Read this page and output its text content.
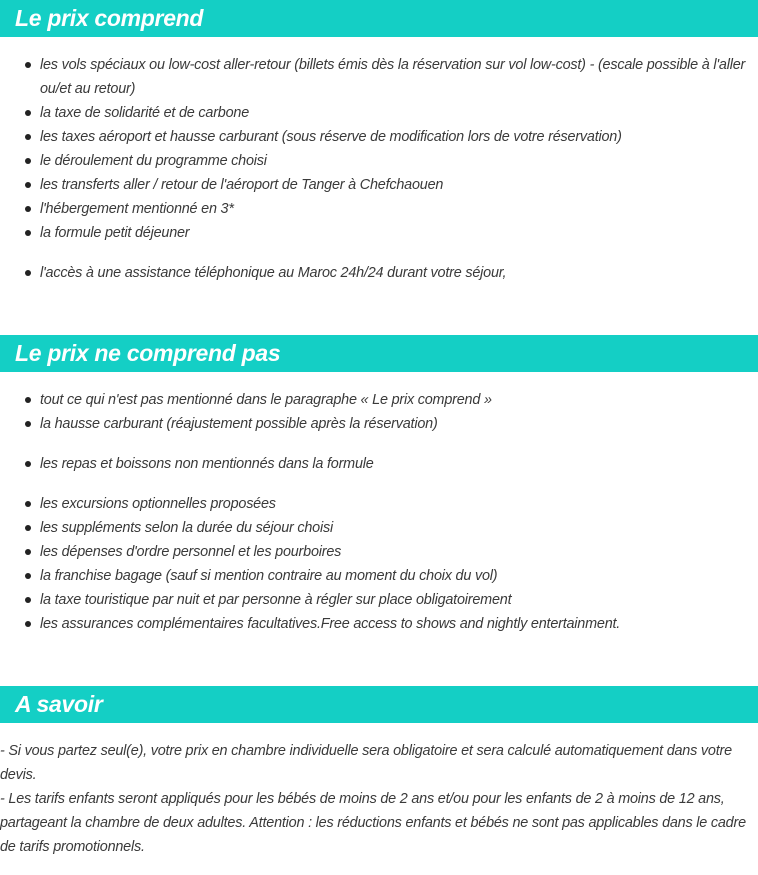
Le prix comprend
les vols spéciaux ou low-cost aller-retour (billets émis dès la réservation sur vol low-cost) - (escale possible à l'aller ou/et au retour)
la taxe de solidarité et de carbone
les taxes aéroport et hausse carburant (sous réserve de modification lors de votre réservation)
le déroulement du programme choisi
les transferts aller / retour de l'aéroport de Tanger à Chefchaouen
l'hébergement mentionné en 3*
la formule petit déjeuner
l'accès à une assistance téléphonique au Maroc 24h/24 durant votre séjour,
Le prix ne comprend pas
tout ce qui n'est pas mentionné dans le paragraphe « Le prix comprend »
la hausse carburant (réajustement possible après la réservation)
les repas et boissons non mentionnés dans la formule
les excursions optionnelles proposées
les suppléments selon la durée du séjour choisi
les dépenses d'ordre personnel et les pourboires
la franchise bagage (sauf si mention contraire au moment du choix du vol)
la taxe touristique par nuit et par personne à régler sur place obligatoirement
les assurances complémentaires facultatives.Free access to shows and nightly entertainment.
A savoir

- Si vous partez seul(e), votre prix en chambre individuelle sera obligatoire et sera calculé automatiquement dans votre devis.

- Les tarifs enfants seront appliqués pour les bébés de moins de 2 ans et/ou pour les enfants de 2 à moins de 12 ans, partageant la chambre de deux adultes. Attention : les réductions enfants et bébés ne sont pas applicables dans le cadre de tarifs promotionnels.
